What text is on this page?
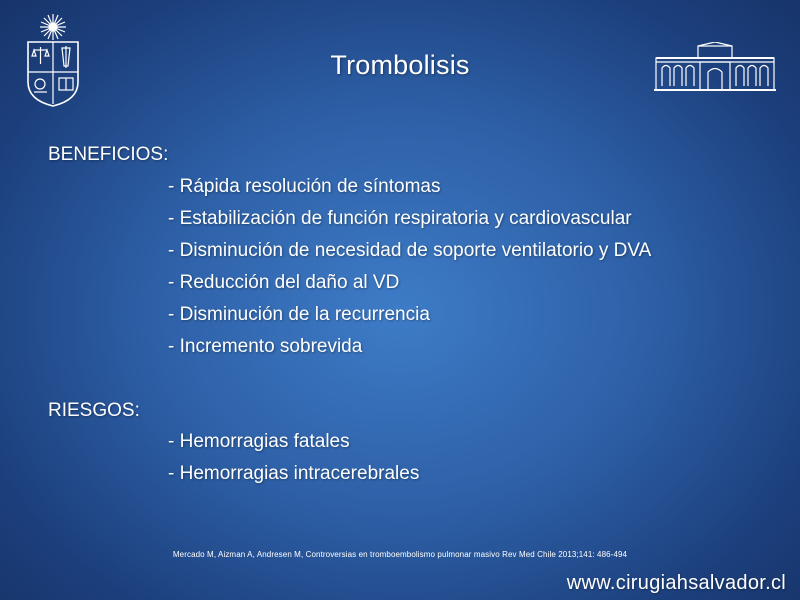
Trombolisis
BENEFICIOS:
- Rápida resolución de síntomas
- Estabilización de función respiratoria y cardiovascular
- Disminución de necesidad de soporte ventilatorio y DVA
- Reducción del daño al VD
- Disminución de la recurrencia
- Incremento sobrevida
RIESGOS:
- Hemorragias fatales
- Hemorragias intracerebrales
Mercado M, Aizman A, Andresen M, Controversias en tromboembolismo pulmonar masivo Rev Med Chile 2013;141: 486-494
www.cirugiahsalvador.cl
